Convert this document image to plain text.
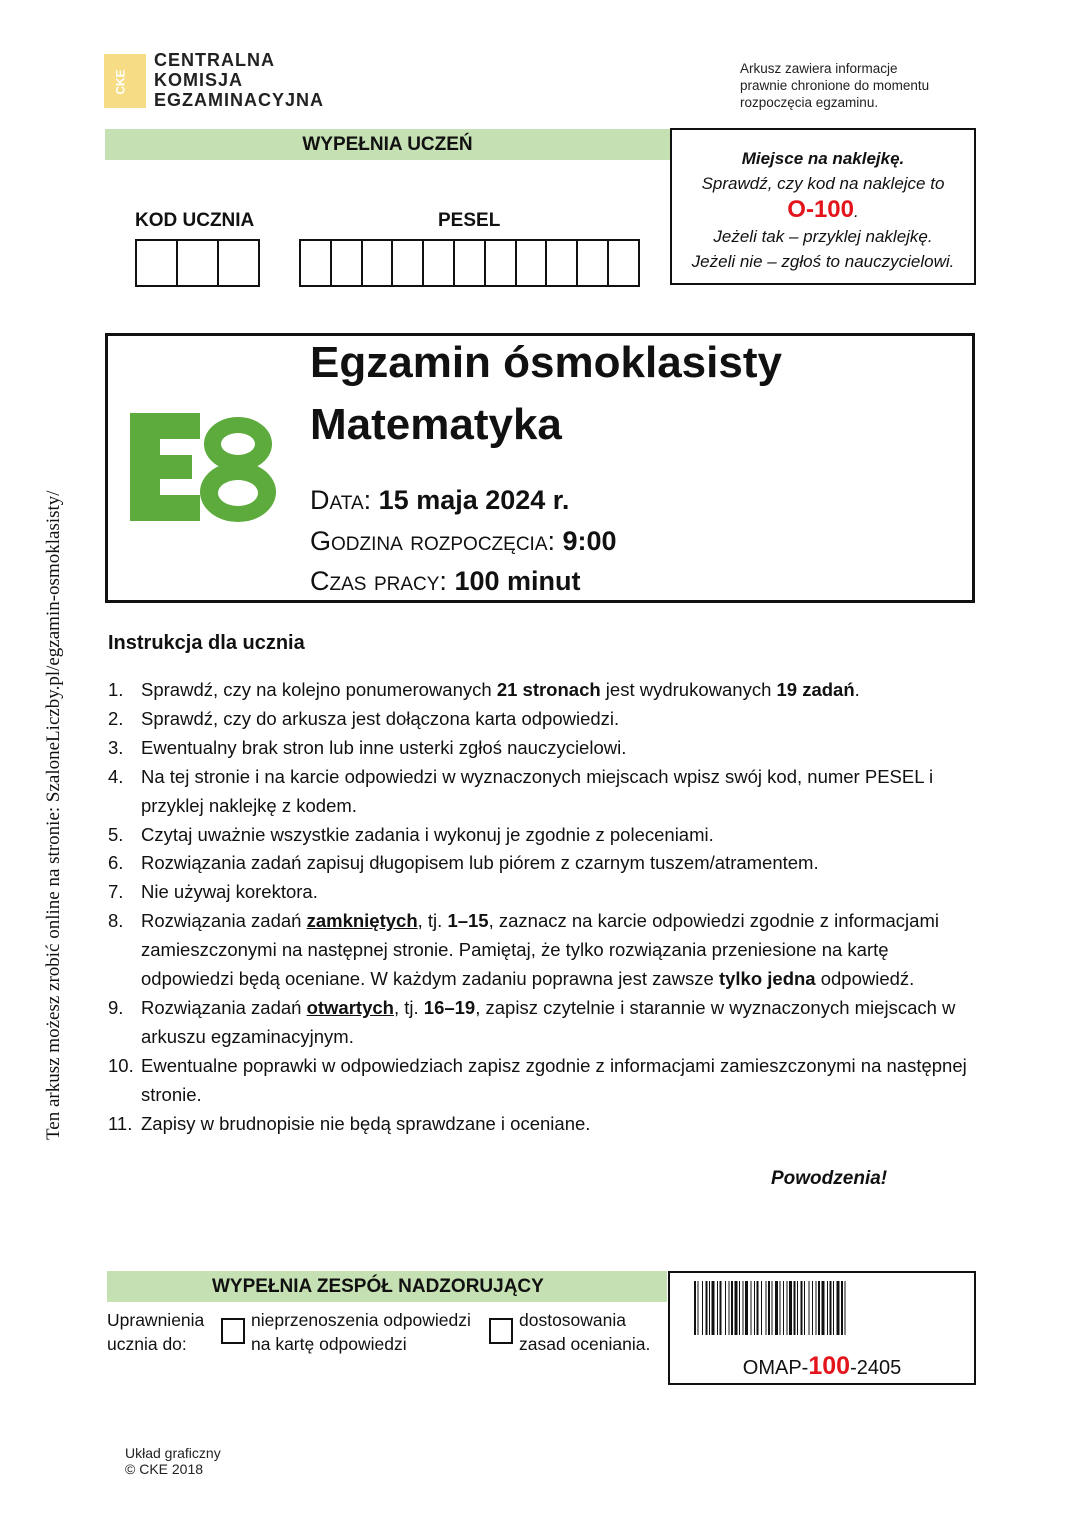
CKE
CENTRALNA
KOMISJA
EGZAMINACYJNA
Arkusz zawiera informacje
prawnie chronione do momentu
rozpoczęcia egzaminu.
WYPEŁNIA UCZEŃ
KOD UCZNIA	PESEL
Miejsce na naklejkę.
Sprawdź, czy kod na naklejce to
O-100.
Jeżeli tak – przyklej naklejkę.
Jeżeli nie – zgłoś to nauczycielowi.
Egzamin ósmoklasisty
Matematyka
Data: 15 maja 2024 r.
Godzina rozpoczęcia: 9:00
Czas pracy: 100 minut
Ten arkusz możesz zrobić online na stronie: SzaloneLiczby.pl/egzamin-osmoklasisty/ Instrukcja dla ucznia
1. Sprawdź, czy na kolejno ponumerowanych 21 stronach jest wydrukowanych 19 zadań.
2. Sprawdź, czy do arkusza jest dołączona karta odpowiedzi.
3. Ewentualny brak stron lub inne usterki zgłoś nauczycielowi.
4. Na tej stronie i na karcie odpowiedzi w wyznaczonych miejscach wpisz swój kod, numer PESEL i przyklej naklejkę z kodem.
5. Czytaj uważnie wszystkie zadania i wykonuj je zgodnie z poleceniami.
6. Rozwiązania zadań zapisuj długopisem lub piórem z czarnym tuszem/atramentem.
7. Nie używaj korektora.
8. Rozwiązania zadań zamkniętych, tj. 1–15, zaznacz na karcie odpowiedzi zgodnie z informacjami zamieszczonymi na następnej stronie. Pamiętaj, że tylko rozwiązania przeniesione na kartę odpowiedzi będą oceniane. W każdym zadaniu poprawna jest zawsze tylko jedna odpowiedź.
9. Rozwiązania zadań otwartych, tj. 16–19, zapisz czytelnie i starannie w wyznaczonych miejscach w arkuszu egzaminacyjnym.
10. Ewentualne poprawki w odpowiedziach zapisz zgodnie z informacjami zamieszczonymi na następnej stronie.
11. Zapisy w brudnopisie nie będą sprawdzane i oceniane.
Powodzenia!
WYPEŁNIA ZESPÓŁ NADZORUJĄCY
Uprawnienia
ucznia do:
nieprzenoszenia odpowiedzi
na kartę odpowiedzi
dostosowania
zasad oceniania.
OMAP-100-2405
Układ graficzny
© CKE 2018
